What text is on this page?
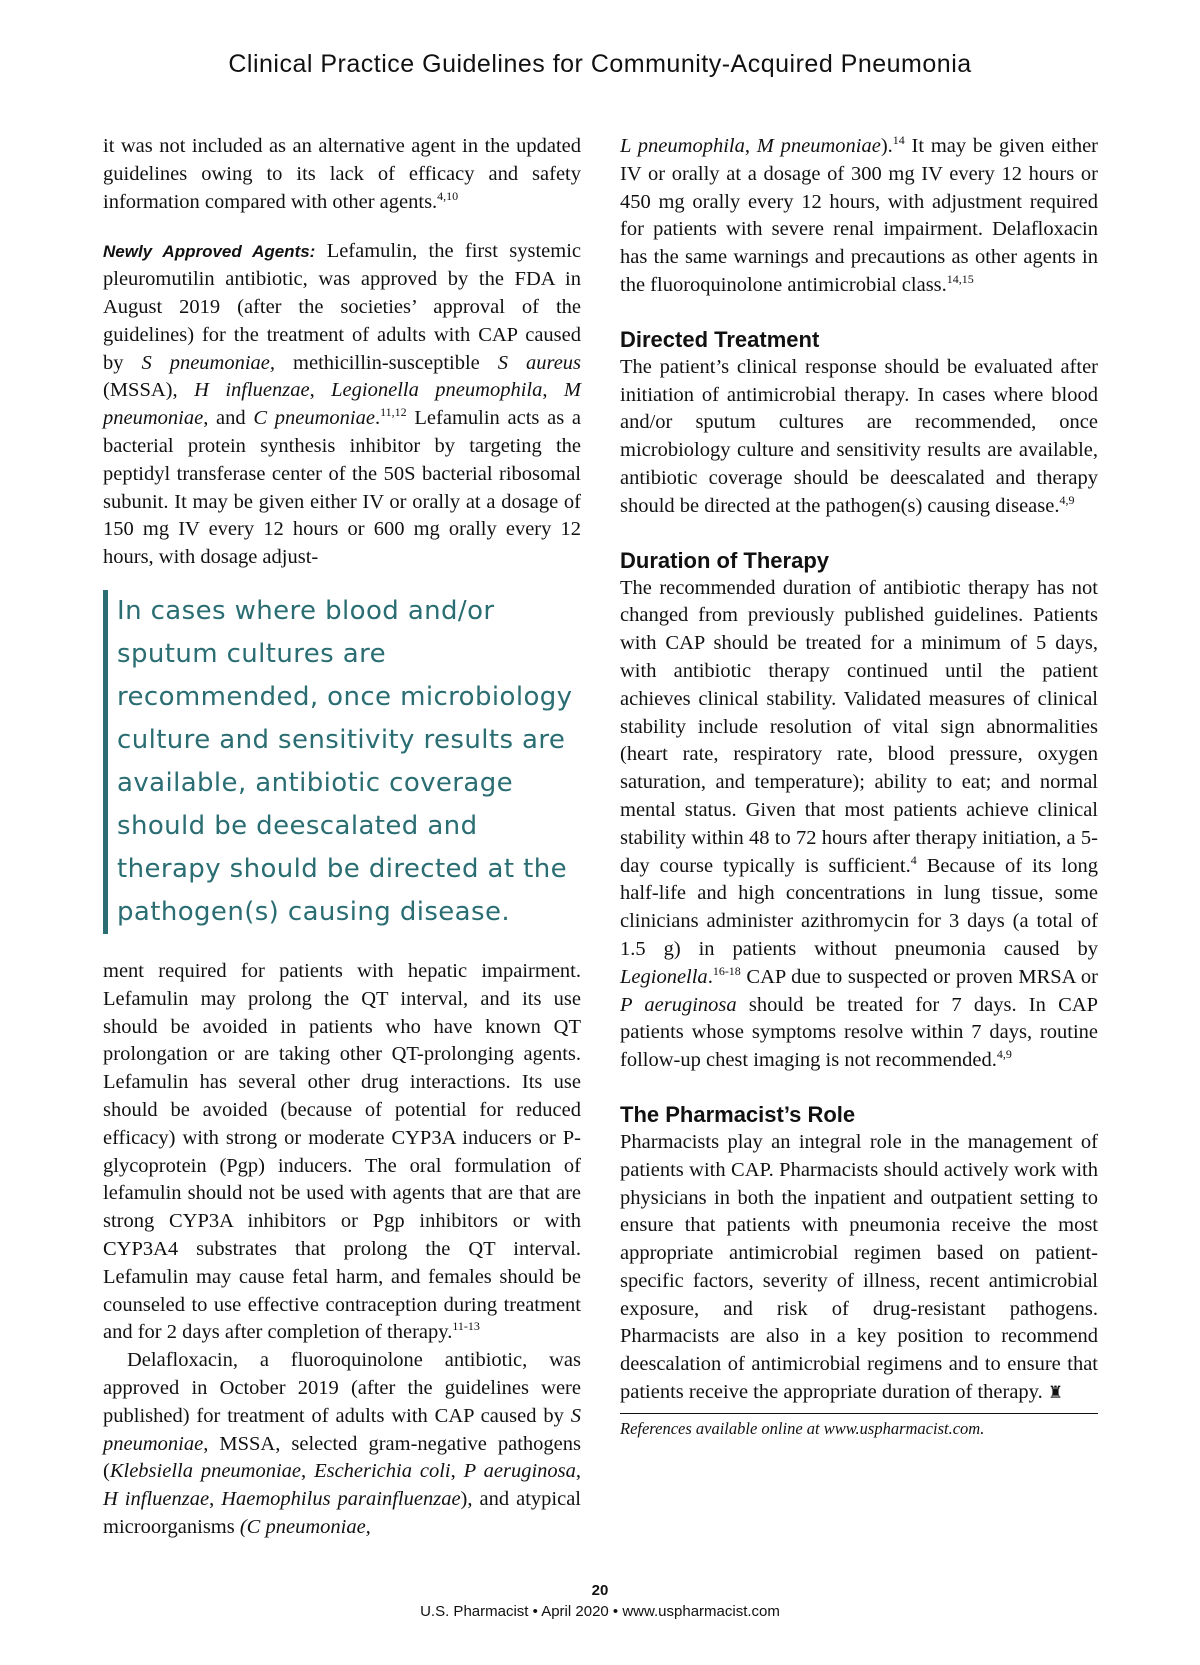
Clinical Practice Guidelines for Community-Acquired Pneumonia

it was not included as an alternative agent in the updated guidelines owing to its lack of efficacy and safety information compared with other agents.$^{4,10}$

Newly Approved Agents: Lefamulin, the first systemic pleuromutilin antibiotic, was approved by the FDA in August 2019 (after the societies’ approval of the guidelines) for the treatment of adults with CAP caused by S pneumoniae, methicillin-susceptible S aureus (MSSA), H influenzae, Legionella pneumophila, M pneumoniae, and C pneumoniae.$^{11,12}$ Lefamulin acts as a bacterial protein synthesis inhibitor by targeting the peptidyl transferase center of the 50S bacterial ribosomal subunit. It may be given either IV or orally at a dosage of 150 mg IV every 12 hours or 600 mg orally every 12 hours, with dosage adjust-

In cases where blood and/or sputum cultures are recommended, once microbiology culture and sensitivity results are available, antibiotic coverage should be deescalated and therapy should be directed at the pathogen(s) causing disease.

ment required for patients with hepatic impairment. Lefamulin may prolong the QT interval, and its use should be avoided in patients who have known QT prolongation or are taking other QT-prolonging agents. Lefamulin has several other drug interactions. Its use should be avoided (because of potential for reduced efficacy) with strong or moderate CYP3A inducers or P-glycoprotein (Pgp) inducers. The oral formulation of lefamulin should not be used with agents that are that are strong CYP3A inhibitors or Pgp inhibitors or with CYP3A4 substrates that prolong the QT interval. Lefamulin may cause fetal harm, and females should be counseled to use effective contraception during treatment and for 2 days after completion of therapy.$^{11-13}$

Delafloxacin, a fluoroquinolone antibiotic, was approved in October 2019 (after the guidelines were published) for treatment of adults with CAP caused by S pneumoniae, MSSA, selected gram-negative pathogens (Klebsiella pneumoniae, Escherichia coli, P aeruginosa, H influenzae, Haemophilus parainfluenzae), and atypical microorganisms (C pneumoniae,

L pneumophila, M pneumoniae).$^{14}$ It may be given either IV or orally at a dosage of 300 mg IV every 12 hours or 450 mg orally every 12 hours, with adjustment required for patients with severe renal impairment. Delafloxacin has the same warnings and precautions as other agents in the fluoroquinolone antimicrobial class.$^{14,15}$

Directed Treatment

The patient’s clinical response should be evaluated after initiation of antimicrobial therapy. In cases where blood and/or sputum cultures are recommended, once microbiology culture and sensitivity results are available, antibiotic coverage should be deescalated and therapy should be directed at the pathogen(s) causing disease.$^{4,9}$

Duration of Therapy

The recommended duration of antibiotic therapy has not changed from previously published guidelines. Patients with CAP should be treated for a minimum of 5 days, with antibiotic therapy continued until the patient achieves clinical stability. Validated measures of clinical stability include resolution of vital sign abnormalities (heart rate, respiratory rate, blood pressure, oxygen saturation, and temperature); ability to eat; and normal mental status. Given that most patients achieve clinical stability within 48 to 72 hours after therapy initiation, a 5-day course typically is sufficient.$^4$ Because of its long half-life and high concentrations in lung tissue, some clinicians administer azithromycin for 3 days (a total of 1.5 g) in patients without pneumonia caused by Legionella.$^{16-18}$ CAP due to suspected or proven MRSA or P aeruginosa should be treated for 7 days. In CAP patients whose symptoms resolve within 7 days, routine follow-up chest imaging is not recommended.$^{4,9}$

The Pharmacist’s Role

Pharmacists play an integral role in the management of patients with CAP. Pharmacists should actively work with physicians in both the inpatient and outpatient setting to ensure that patients with pneumonia receive the most appropriate antimicrobial regimen based on patient-specific factors, severity of illness, recent antimicrobial exposure, and risk of drug-resistant pathogens. Pharmacists are also in a key position to recommend deescalation of antimicrobial regimens and to ensure that patients receive the appropriate duration of therapy. ♜

References available online at www.uspharmacist.com.
20
U.S. Pharmacist • April 2020 • www.uspharmacist.com
